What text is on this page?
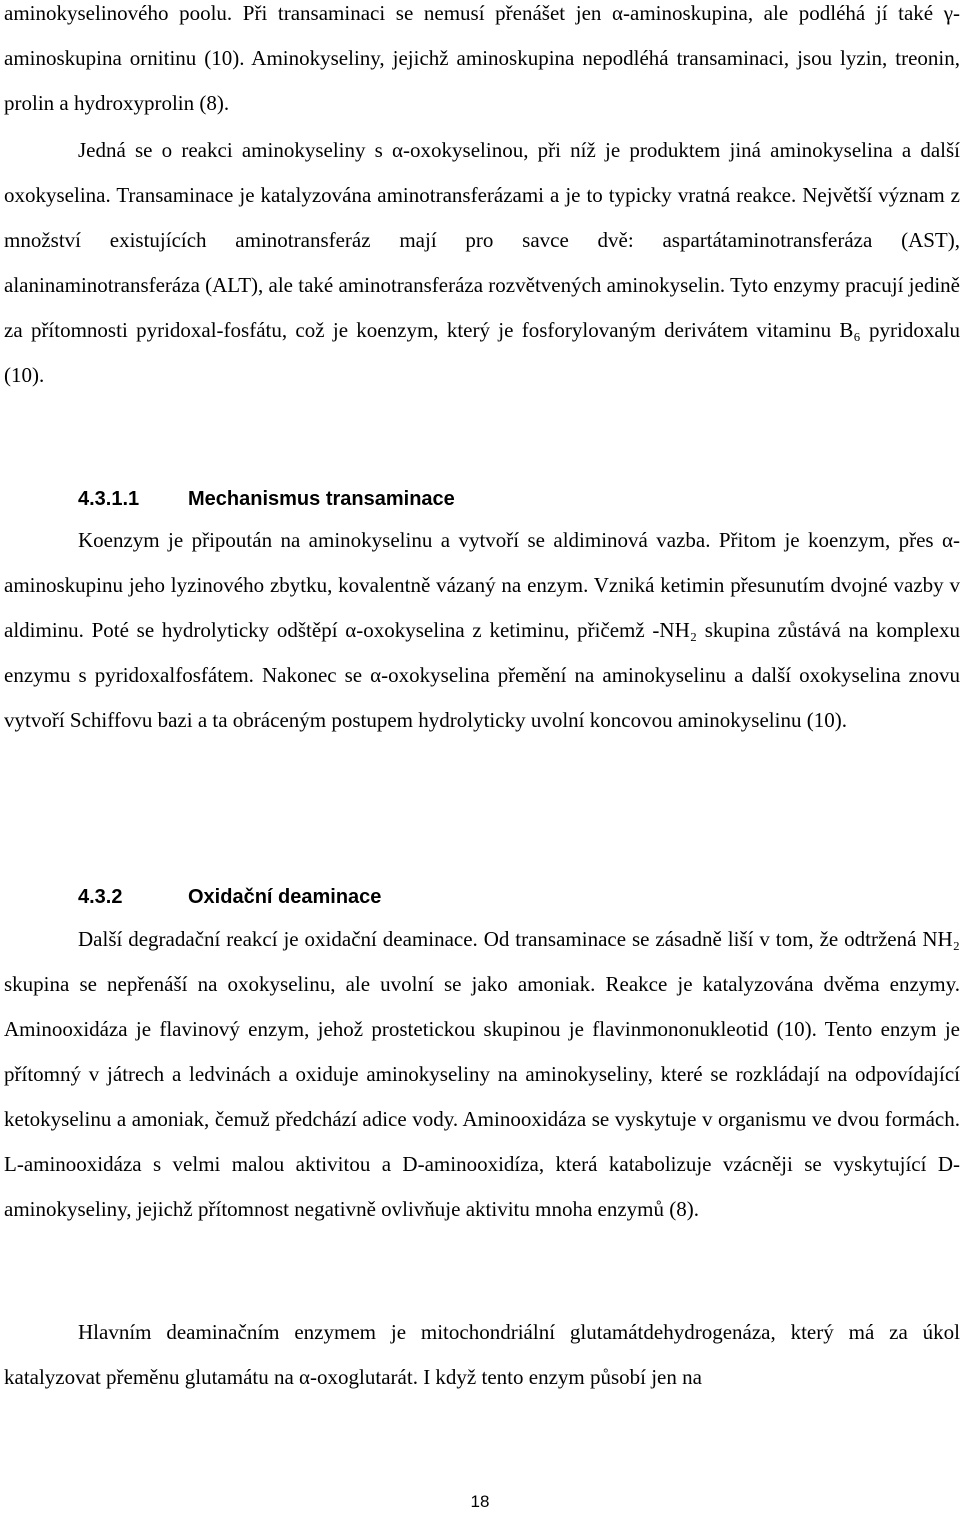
aminokyselinového poolu. Při transaminaci se nemusí přenášet jen α-aminoskupina, ale podléhá jí také γ-aminoskupina ornitinu (10). Aminokyseliny, jejichž aminoskupina nepodléhá transaminaci, jsou lyzin, treonin, prolin a hydroxyprolin (8).

Jedná se o reakci aminokyseliny s α-oxokyselinou, při níž je produktem jiná aminokyselina a další oxokyselina. Transaminace je katalyzována aminotransferázami a je to typicky vratná reakce. Největší význam z množství existujících aminotransferáz mají pro savce dvě: aspartátaminotransferáza (AST), alaninaminotransferáza (ALT), ale také aminotransferáza rozvětvených aminokyselin. Tyto enzymy pracují jedině za přítomnosti pyridoxal-fosfátu, což je koenzym, který je fosforylovaným derivátem vitaminu B₆ pyridoxalu (10).

4.3.1.1 Mechanismus transaminace

Koenzym je připoután na aminokyselinu a vytvoří se aldiminová vazba. Přitom je koenzym, přes α-aminoskupinu jeho lyzinového zbytku, kovalentně vázaný na enzym. Vzniká ketimin přesunutím dvojné vazby v aldiminu. Poté se hydrolyticky odštěpí α-oxokyselina z ketiminu, přičemž -NH₂ skupina zůstává na komplexu enzymu s pyridoxalfosfátem. Nakonec se α-oxokyselina přemění na aminokyselinu a další oxokyselina znovu vytvoří Schiffovu bazi a ta obráceným postupem hydrolyticky uvolní koncovou aminokyselinu (10).

4.3.2	Oxidační deaminace

Další degradační reakcí je oxidační deaminace. Od transaminace se zásadně liší v tom, že odtržená NH₂ skupina se nepřenáší na oxokyselinu, ale uvolní se jako amoniak. Reakce je katalyzována dvěma enzymy. Aminooxidáza je flavinový enzym, jehož prostetickou skupinou je flavinmononukleotid (10). Tento enzym je přítomný v játrech a ledvinách a oxiduje aminokyseliny na aminokyseliny, které se rozkládají na odpovídající ketokyselinu a amoniak, čemuž předchází adice vody. Aminooxidáza se vyskytuje v organismu ve dvou formách. L-aminooxidáza s velmi malou aktivitou a D-aminooxidíza, která katabolizuje vzácněji se vyskytující D-aminokyseliny, jejichž přítomnost negativně ovlivňuje aktivitu mnoha enzymů (8).

Hlavním deaminačním enzymem je mitochondriální glutamátdehydrogenáza, který má za úkol katalyzovat přeměnu glutamátu na α-oxoglutarát. I když tento enzym působí jen na

18
